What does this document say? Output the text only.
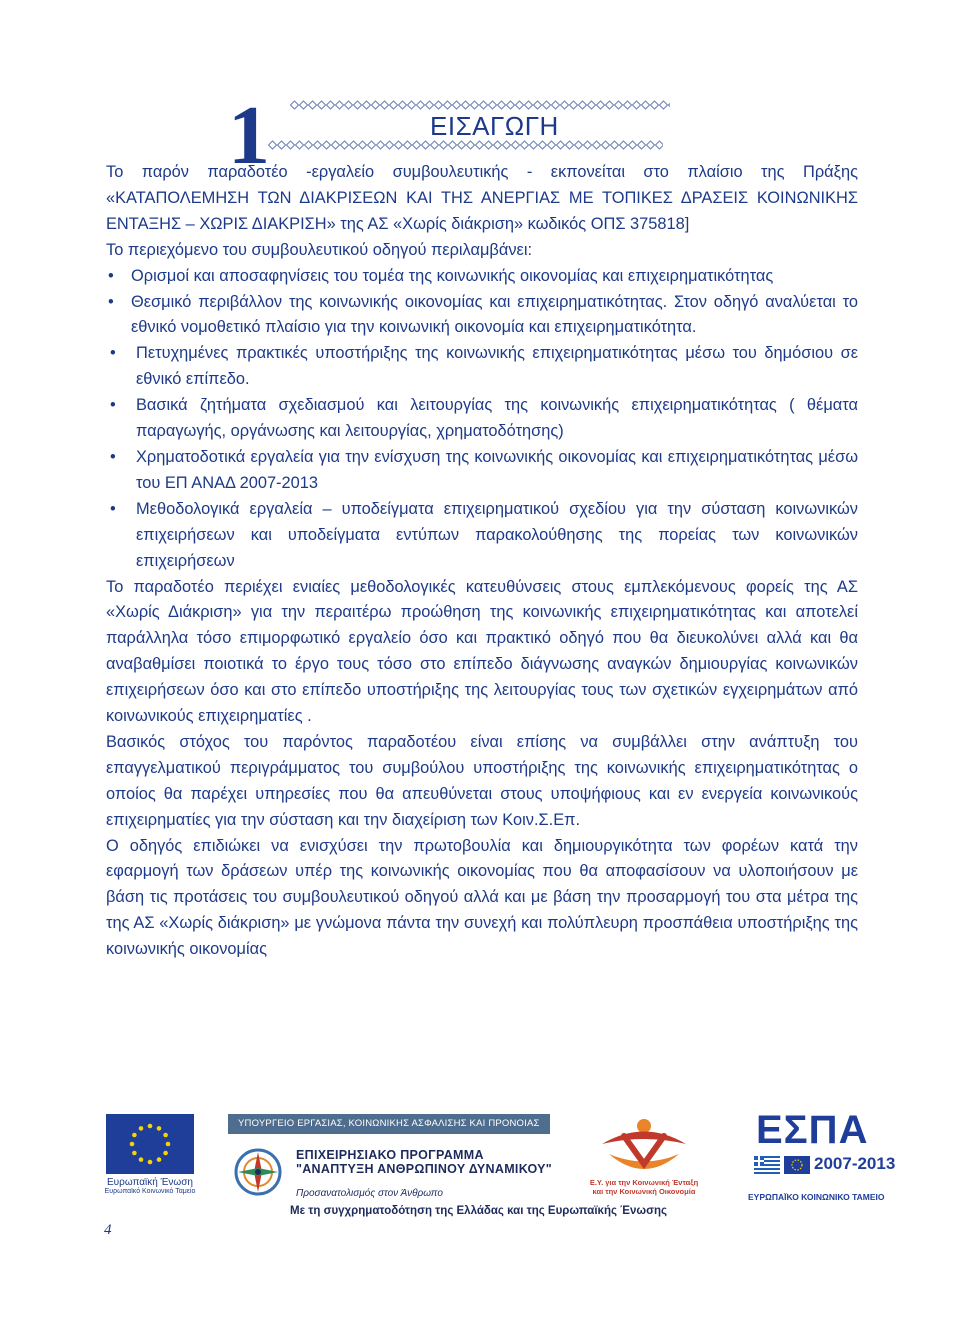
1	ΕΙΣΑΓΩΓΗ

Το παρόν παραδοτέο -εργαλείο συμβουλευτικής - εκπονείται στο πλαίσιο της Πράξης «ΚΑΤΑΠΟΛΕΜΗΣΗ ΤΩΝ ΔΙΑΚΡΙΣΕΩΝ ΚΑΙ ΤΗΣ ΑΝΕΡΓΙΑΣ ΜΕ ΤΟΠΙΚΕΣ ΔΡΑΣΕΙΣ ΚΟΙΝΩΝΙΚΗΣ ΕΝΤΑΞΗΣ – ΧΩΡΙΣ ΔΙΑΚΡΙΣΗ» της ΑΣ «Χωρίς διάκριση» κωδικός ΟΠΣ 375818]

Το περιεχόμενο του συμβουλευτικού οδηγού περιλαμβάνει:

• Ορισμοί και αποσαφηνίσεις του τομέα της κοινωνικής οικονομίας και επιχειρηματικότητας
• Θεσμικό περιβάλλον της κοινωνικής οικονομίας και επιχειρηματικότητας. Στον οδηγό αναλύεται το εθνικό νομοθετικό πλαίσιο για την κοινωνική οικονομία και επιχειρηματικότητα.
• Πετυχημένες πρακτικές υποστήριξης της κοινωνικής επιχειρηματικότητας μέσω του δημόσιου σε εθνικό επίπεδο.
• Βασικά ζητήματα σχεδιασμού και λειτουργίας της κοινωνικής επιχειρηματικότητας ( θέματα παραγωγής, οργάνωσης και λειτουργίας, χρηματοδότησης)
• Χρηματοδοτικά εργαλεία για την ενίσχυση της κοινωνικής οικονομίας και επιχειρηματικότητας μέσω του ΕΠ ΑΝΑΔ 2007-2013
• Μεθοδολογικά εργαλεία – υποδείγματα επιχειρηματικού σχεδίου για την σύσταση κοινωνικών επιχειρήσεων και υποδείγματα εντύπων παρακολούθησης της πορείας των κοινωνικών επιχειρήσεων

Το παραδοτέο περιέχει ενιαίες μεθοδολογικές κατευθύνσεις στους εμπλεκόμενους φορείς της ΑΣ «Χωρίς Διάκριση» για την περαιτέρω προώθηση της κοινωνικής επιχειρηματικότητας και αποτελεί παράλληλα τόσο επιμορφωτικό εργαλείο όσο και πρακτικό οδηγό που θα διευκολύνει αλλά και θα αναβαθμίσει ποιοτικά το έργο τους τόσο στο επίπεδο διάγνωσης αναγκών δημιουργίας κοινωνικών επιχειρήσεων όσο και στο επίπεδο υποστήριξης της λειτουργίας τους των σχετικών εγχειρημάτων από κοινωνικούς επιχειρηματίες .

Βασικός στόχος του παρόντος παραδοτέου είναι επίσης να συμβάλλει στην ανάπτυξη του επαγγελματικού περιγράμματος του συμβούλου υποστήριξης της κοινωνικής επιχειρηματικότητας ο οποίος θα παρέχει υπηρεσίες που θα απευθύνεται στους υποψήφιους και εν ενεργεία κοινωνικούς επιχειρηματίες για την σύσταση και την διαχείριση των Κοιν.Σ.Επ.

Ο οδηγός επιδιώκει να ενισχύσει την πρωτοβουλία και δημιουργικότητα των φορέων κατά την εφαρμογή των δράσεων υπέρ της κοινωνικής οικονομίας που θα αποφασίσουν να υλοποιήσουν με βάση τις προτάσεις του συμβουλευτικού οδηγού αλλά και με βάση την προσαρμογή του στα μέτρα της της ΑΣ «Χωρίς διάκριση» με γνώμονα πάντα την συνεχή και πολύπλευρη προσπάθεια υποστήριξης της κοινωνικής οικονομίας

Ευρωπαϊκή Ένωση
Ευρωπαϊκό Κοινωνικό Ταμείο
ΥΠΟΥΡΓΕΙΟ ΕΡΓΑΣΙΑΣ, ΚΟΙΝΩΝΙΚΗΣ ΑΣΦΑΛΙΣΗΣ ΚΑΙ ΠΡΟΝΟΙΑΣ
ΕΠΙΧΕΙΡΗΣΙΑΚΟ ΠΡΟΓΡΑΜΜΑ
"ΑΝΑΠΤΥΞΗ ΑΝΘΡΩΠΙΝΟΥ ΔΥΝΑΜΙΚΟΥ"
Προσανατολισμός στον Άνθρωπο
Ε.Υ. για την Κοινωνική Ένταξη
και την Κοινωνική Οικονομία
ΕΣΠΑ
2007-2013
ΕΥΡΩΠΑΪΚΟ ΚΟΙΝΩΝΙΚΟ ΤΑΜΕΙΟ
Με τη συγχρηματοδότηση της Ελλάδας και της Ευρωπαϊκής Ένωσης
4
